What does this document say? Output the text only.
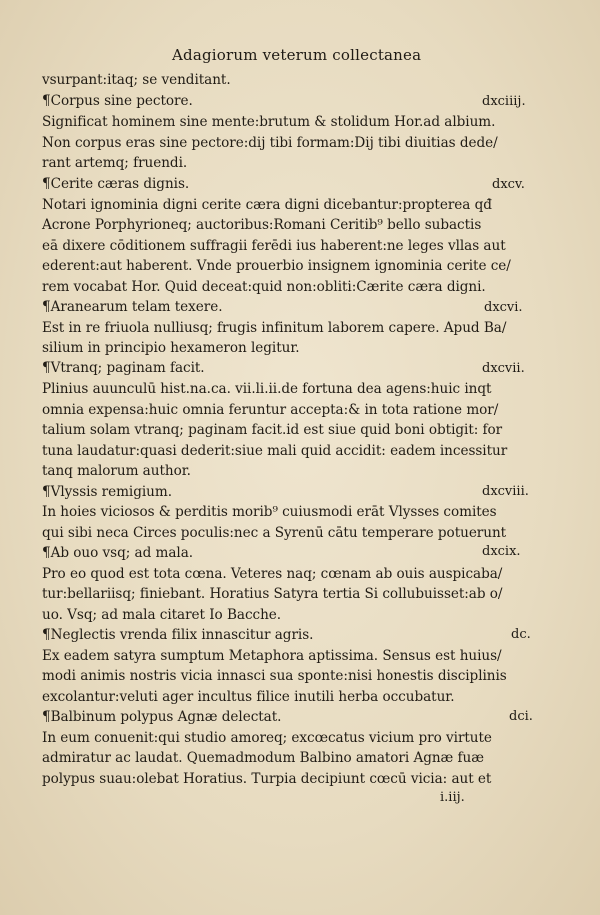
Adagiorum veterum collectanea
vsurpant:itaq; se venditant.
¶Corpus sine pectore.
Significat hominem sine mente:brutum & stolidum Hor.ad albium.
Non corpus eras sine pectore:dij tibi formam:Dij tibi diuitias dede/
rant artemq; fruendi.
¶Cerite cæras dignis.
Notari ignominia digni cerite cæra digni dicebantur:propterea qđ
Acrone Porphyrioneq; auctoribus:Romani Ceritib⁹ bello subactis
eā dixere cōditionem suffragii ferēdi ius haberent:ne leges vllas aut
ederent:aut haberent. Vnde prouerbio insignem ignominia cerite ce/
rem vocabat Hor. Quid deceat:quid non:obliti:Cærite cæra digni.
¶Aranearum telam texere.
Est in re friuola nulliusq; frugis infinitum laborem capere. Apud Ba/
silium in principio hexameron legitur.
¶Vtranq; paginam facit.
Plinius auunculū hist.na.ca. vii.li.ii.de fortuna dea agens:huic inqt
omnia expensa:huic omnia feruntur accepta:& in tota ratione mor/
talium solam vtranq; paginam facit.id est siue quid boni obtigit: for
tuna laudatur:quasi dederit:siue mali quid accidit: eadem incessitur
tanq malorum author.
¶Vlyssis remigium.
In hoies viciosos & perditis morib⁹ cuiusmodi erāt Vlysses comites
qui sibi neca Circes poculis:nec a Syrenū cātu temperare potuerunt
¶Ab ouo vsq; ad mala.
Pro eo quod est tota cœna. Veteres naq; cœnam ab ouis auspicaba/
tur:bellariisq; finiebant. Horatius Satyra tertia Si collubuisset:ab o/
uo. Vsq; ad mala citaret Io Bacche.
¶Neglectis vrenda filix innascitur agris.
Ex eadem satyra sumptum Metaphora aptissima. Sensus est huius/
modi animis nostris vicia innasci sua sponte:nisi honestis disciplinis
excolantur:veluti ager incultus filice inutili herba occubatur.
¶Balbinum polypus Agnæ delectat.
In eum conuenit:qui studio amoreq; excœcatus vicium pro virtute
admiratur ac laudat. Quemadmodum Balbino amatori Agnæ fuæ
polypus suau:olebat Horatius. Turpia decipiunt cœcū vicia: aut et
dxciiij.
dxcv.
dxcvi.
dxcvii.
dxcviii.
dxcix.
dc.
dci.
i.iij.
